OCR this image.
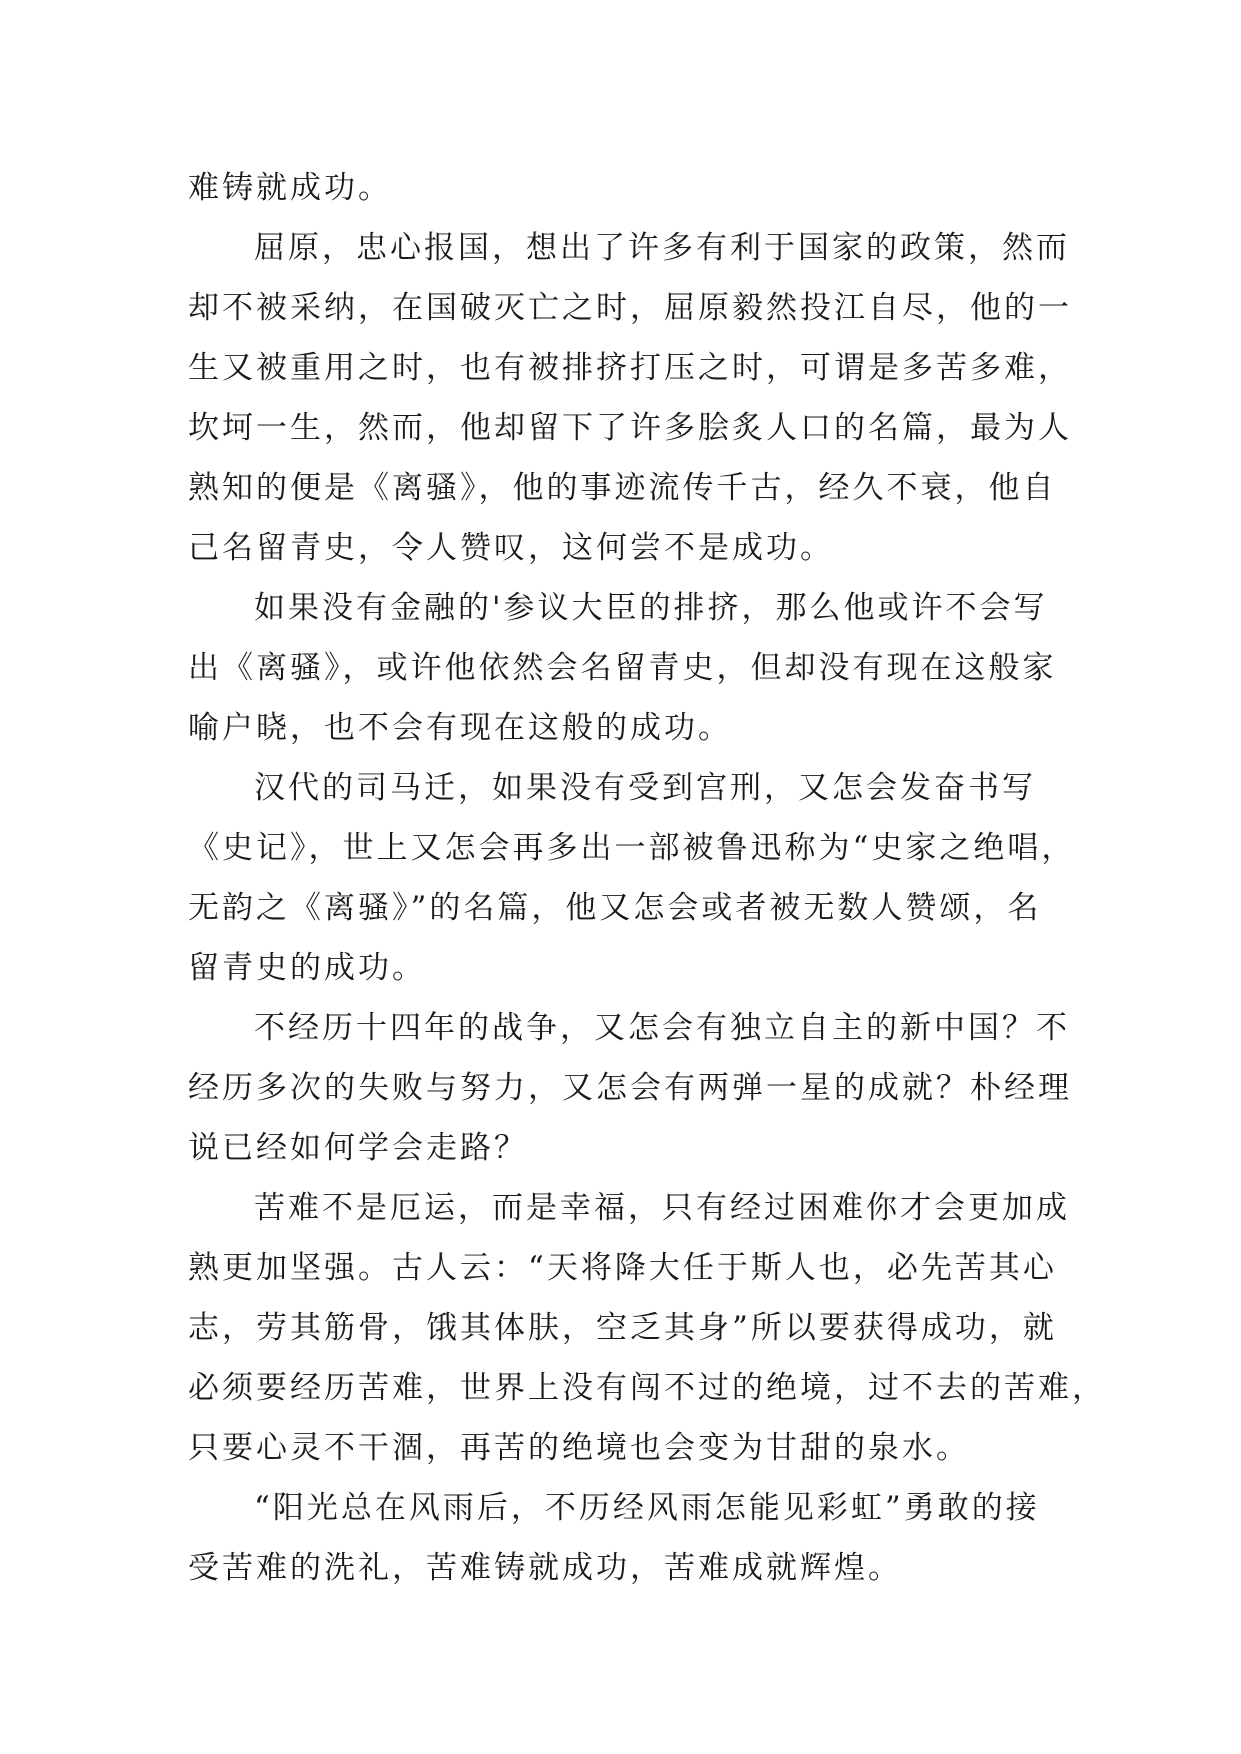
难铸就成功。
屈原，忠心报国，想出了许多有利于国家的政策，然而
却不被采纳，在国破灭亡之时，屈原毅然投江自尽，他的一
生又被重用之时，也有被排挤打压之时，可谓是多苦多难，
坎坷一生，然而，他却留下了许多脍炙人口的名篇，最为人
熟知的便是《离骚》，他的事迹流传千古，经久不衰，他自
己名留青史，令人赞叹，这何尝不是成功。
如果没有金融的'参议大臣的排挤，那么他或许不会写
出《离骚》，或许他依然会名留青史，但却没有现在这般家
喻户晓，也不会有现在这般的成功。
汉代的司马迁，如果没有受到宫刑，又怎会发奋书写
《史记》，世上又怎会再多出一部被鲁迅称为“史家之绝唱，
无韵之《离骚》”的名篇，他又怎会或者被无数人赞颂，名
留青史的成功。
不经历十四年的战争，又怎会有独立自主的新中国？不
经历多次的失败与努力，又怎会有两弹一星的成就？朴经理
说已经如何学会走路？
苦难不是厄运，而是幸福，只有经过困难你才会更加成
熟更加坚强。古人云：“天将降大任于斯人也，必先苦其心
志，劳其筋骨，饿其体肤，空乏其身”所以要获得成功，就
必须要经历苦难，世界上没有闯不过的绝境，过不去的苦难，
只要心灵不干涸，再苦的绝境也会变为甘甜的泉水。
“阳光总在风雨后，不历经风雨怎能见彩虹”勇敢的接
受苦难的洗礼，苦难铸就成功，苦难成就辉煌。
